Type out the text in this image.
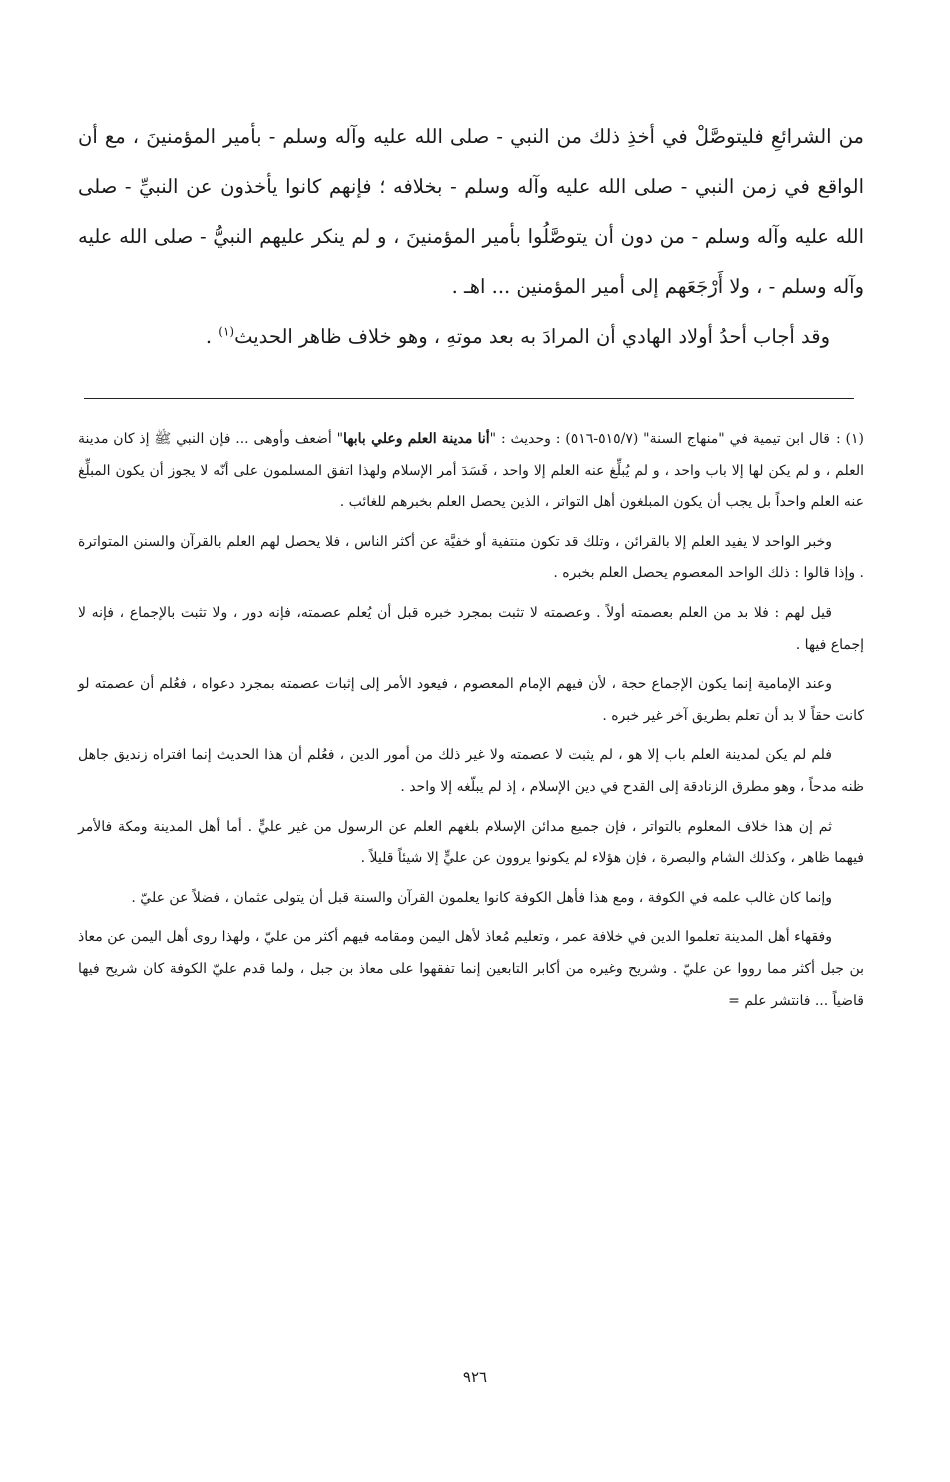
من الشرائعِ فليتوصَّلْ في أخذِ ذلك من النبي - صلى الله عليه وآله وسلم - بأمير المؤمنينَ ، مع أن الواقع في زمن النبي - صلى الله عليه وآله وسلم - بخلافه ؛ فإنهم كانوا يأخذون عن النبيِّ - صلى الله عليه وآله وسلم - من دون أن يتوصَّلُوا بأمير المؤمنينَ ، و لم ينكر عليهم النبيُّ - صلى الله عليه وآله وسلم - ، ولا أَرْجَعَهم إلى أمير المؤمنين ... اهـ .

وقد أجاب أحدُ أولاد الهادي أن المرادَ به بعد موتهِ ، وهو خلاف ظاهر الحديث$^{(١)}$ .

(١) :قال ابن تيمية في "منهاج السنة" (٥١٥/٧-٥١٦) : وحديث : "أنا مدينة العلم وعلي بابها" أضعف وأوهى ... فإن النبي ﷺ إذ كان مدينة العلم ، و لم يكن لها إلا باب واحد ، و لم يُبلِّغ عنه العلم إلا واحد ، فَسَدَ أمر الإسلام ولهذا اتفق المسلمون على أنّه لا يجوز أن يكون المبلِّغ عنه العلم واحداً بل يجب أن يكون المبلغون أهل التواتر ، الذين يحصل العلم بخبرهم للغائب .

وخبر الواحد لا يفيد العلم إلا بالقرائن ، وتلك قد تكون منتفية أو خفيَّة عن أكثر الناس ، فلا يحصل لهم العلم بالقرآن والسنن المتواترة . وإذا قالوا : ذلك الواحد المعصوم يحصل العلم بخبره .

قيل لهم : فلا بد من العلم بعصمته أولاً . وعصمته لا تثبت بمجرد خبره قبل أن يُعلم عصمته، فإنه دور ، ولا تثبت بالإجماع ، فإنه لا إجماع فيها .

وعند الإمامية إنما يكون الإجماع حجة ، لأن فيهم الإمام المعصوم ، فيعود الأمر إلى إثبات عصمته بمجرد دعواه ، فعُلم أن عصمته لو كانت حقاً لا بد أن تعلم بطريق آخر غير خبره .

فلم لم يكن لمدينة العلم باب إلا هو ، لم يثبت لا عصمته ولا غير ذلك من أمور الدين ، فعُلم أن هذا الحديث إنما افتراه زنديق جاهل ظنه مدحاً ، وهو مطرق الزنادقة إلى القدح في دين الإسلام ، إذ لم يبلّغه إلا واحد .

ثم إن هذا خلاف المعلوم بالتواتر ، فإن جميع مدائن الإسلام بلغهم العلم عن الرسول من غير عليٍّ . أما أهل المدينة ومكة فالأمر فيهما ظاهر ، وكذلك الشام والبصرة ، فإن هؤلاء لم يكونوا يروون عن عليٍّ إلا شيئاً قليلاً .

وإنما كان غالب علمه في الكوفة ، ومع هذا فأهل الكوفة كانوا يعلمون القرآن والسنة قبل أن يتولى عثمان ، فضلاً عن عليّ .

وفقهاء أهل المدينة تعلموا الدين في خلافة عمر ، وتعليم مُعاذ لأهل اليمن ومقامه فيهم أكثر من عليّ ، ولهذا روى أهل اليمن عن معاذ بن جبل أكثر مما رووا عن عليّ . وشريح وغيره من أكابر التابعين إنما تفقهوا على معاذ بن جبل ، ولما قدم عليّ الكوفة كان شريح فيها قاضياً ... فانتشر علم =

٩٢٦
